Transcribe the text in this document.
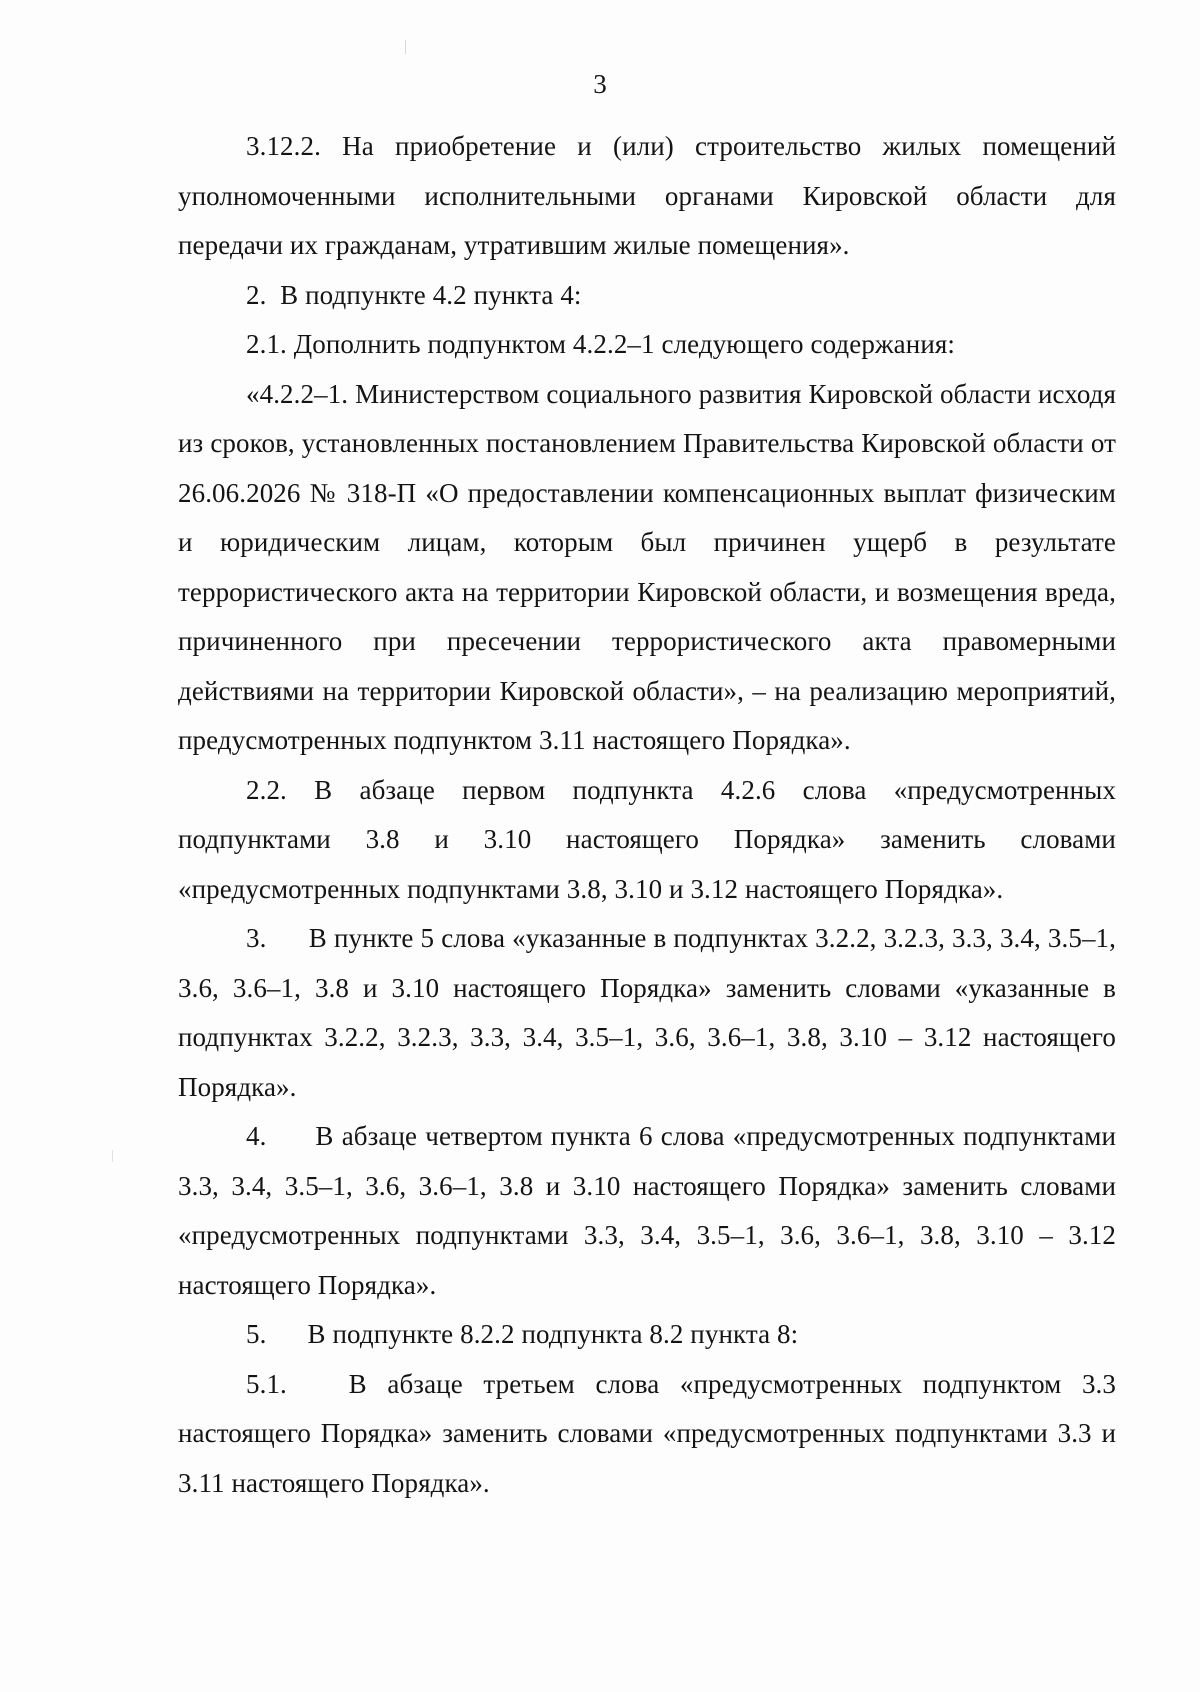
3

3.12.2. На приобретение и (или) строительство жилых помещений уполномоченными исполнительными органами Кировской области для передачи их гражданам, утратившим жилые помещения».

2.  В подпункте 4.2 пункта 4:

2.1. Дополнить подпунктом 4.2.2–1 следующего содержания:

«4.2.2–1. Министерством социального развития Кировской области исходя из сроков, установленных постановлением Правительства Кировской области от 26.06.2026 № 318-П «О предоставлении компенсационных выплат физическим и юридическим лицам, которым был причинен ущерб в результате террористического акта на территории Кировской области, и возмещения вреда, причиненного при пресечении террористического акта правомерными действиями на территории Кировской области», – на реализацию мероприятий, предусмотренных подпунктом 3.11 настоящего Порядка».

2.2. В абзаце первом подпункта 4.2.6 слова «предусмотренных подпунктами 3.8 и 3.10 настоящего Порядка» заменить словами «предусмотренных подпунктами 3.8, 3.10 и 3.12 настоящего Порядка».

3.      В пункте 5 слова «указанные в подпунктах 3.2.2, 3.2.3, 3.3, 3.4, 3.5–1, 3.6, 3.6–1, 3.8 и 3.10 настоящего Порядка» заменить словами «указанные в подпунктах 3.2.2, 3.2.3, 3.3, 3.4, 3.5–1, 3.6, 3.6–1, 3.8, 3.10 – 3.12 настоящего Порядка».

4.      В абзаце четвертом пункта 6 слова «предусмотренных подпунктами 3.3, 3.4, 3.5–1, 3.6, 3.6–1, 3.8 и 3.10 настоящего Порядка» заменить словами «предусмотренных подпунктами 3.3, 3.4, 3.5–1, 3.6, 3.6–1, 3.8, 3.10 – 3.12 настоящего Порядка».

5.      В подпункте 8.2.2 подпункта 8.2 пункта 8:

5.1.   В абзаце третьем слова «предусмотренных подпунктом 3.3 настоящего Порядка» заменить словами «предусмотренных подпунктами 3.3 и 3.11 настоящего Порядка».
